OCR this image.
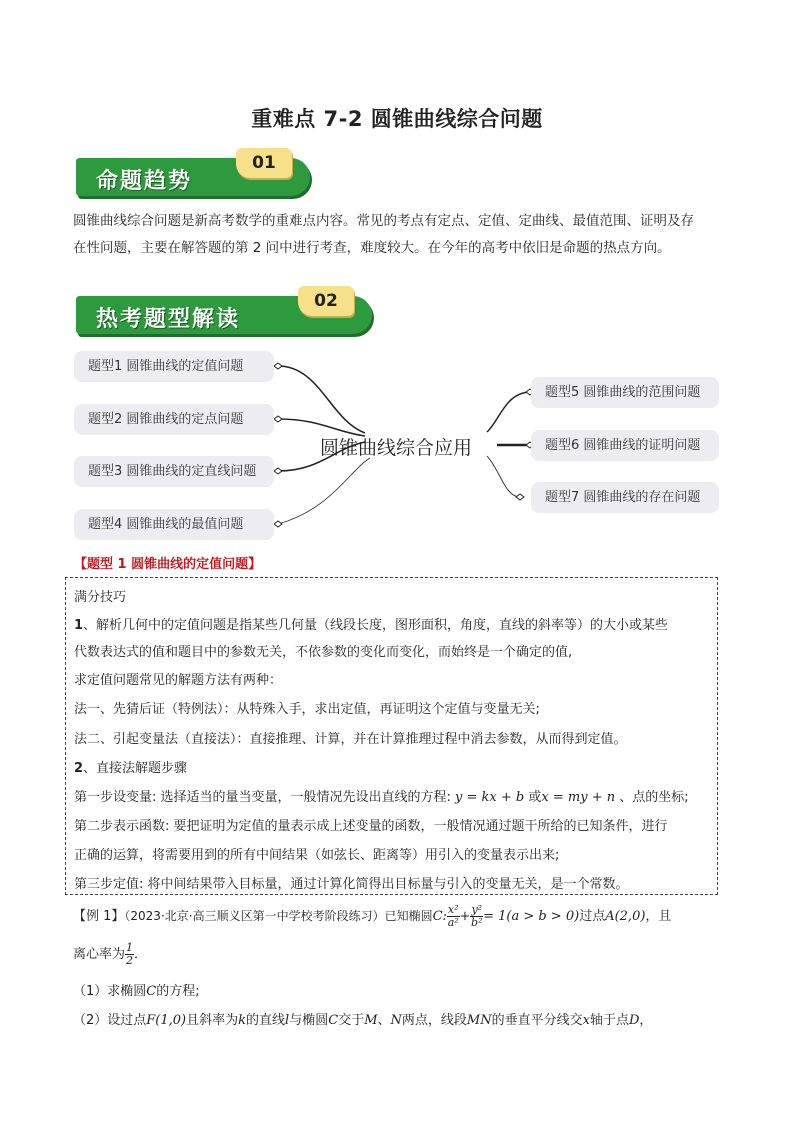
重难点 7-2 圆锥曲线综合问题
命题趋势
01
圆锥曲线综合问题是新高考数学的重难点内容。常见的考点有定点、定值、定曲线、最值范围、证明及存
在性问题，主要在解答题的第 2 问中进行考查，难度较大。在今年的高考中依旧是命题的热点方向。
热考题型解读
02
题型1 圆锥曲线的定值问题
题型2 圆锥曲线的定点问题
题型3 圆锥曲线的定直线问题
题型4 圆锥曲线的最值问题
圆锥曲线综合应用
题型5 圆锥曲线的范围问题
题型6 圆锥曲线的证明问题
题型7 圆锥曲线的存在问题
【题型 1 圆锥曲线的定值问题】
满分技巧
1、解析几何中的定值问题是指某些几何量（线段长度，图形面积，角度，直线的斜率等）的大小或某些
代数表达式的值和题目中的参数无关，不依参数的变化而变化，而始终是一个确定的值,
求定值问题常见的解题方法有两种：
法一、先猜后证（特例法）：从特殊入手，求出定值，再证明这个定值与变量无关;
法二、引起变量法（直接法）：直接推理、计算，并在计算推理过程中消去参数，从而得到定值。
2、直接法解题步骤
第一步设变量: 选择适当的量当变量，一般情况先设出直线的方程: y = kx + b 或x = my + n 、点的坐标;
第二步表示函数: 要把证明为定值的量表示成上述变量的函数，一般情况通过题干所给的已知条件，进行
正确的运算，将需要用到的所有中间结果（如弦长、距离等）用引入的变量表示出来;
第三步定值: 将中间结果带入目标量，通过计算化简得出目标量与引入的变量无关，是一个常数。
【例 1】（2023·北京·高三顺义区第一中学校考阶段练习）已知椭圆C: $\frac{\text{x²}}{\text{a²}} + \frac{\text{y²}}{\text{b²}} = 1(a > b > 0)$过点A(2,0)，且
离心率为 $\frac{1}{2}$ ．
（1）求椭圆C的方程;
（2）设过点F(1,0)且斜率为k的直线l与椭圆C交于M、N两点，线段MN的垂直平分线交x轴于点D，
